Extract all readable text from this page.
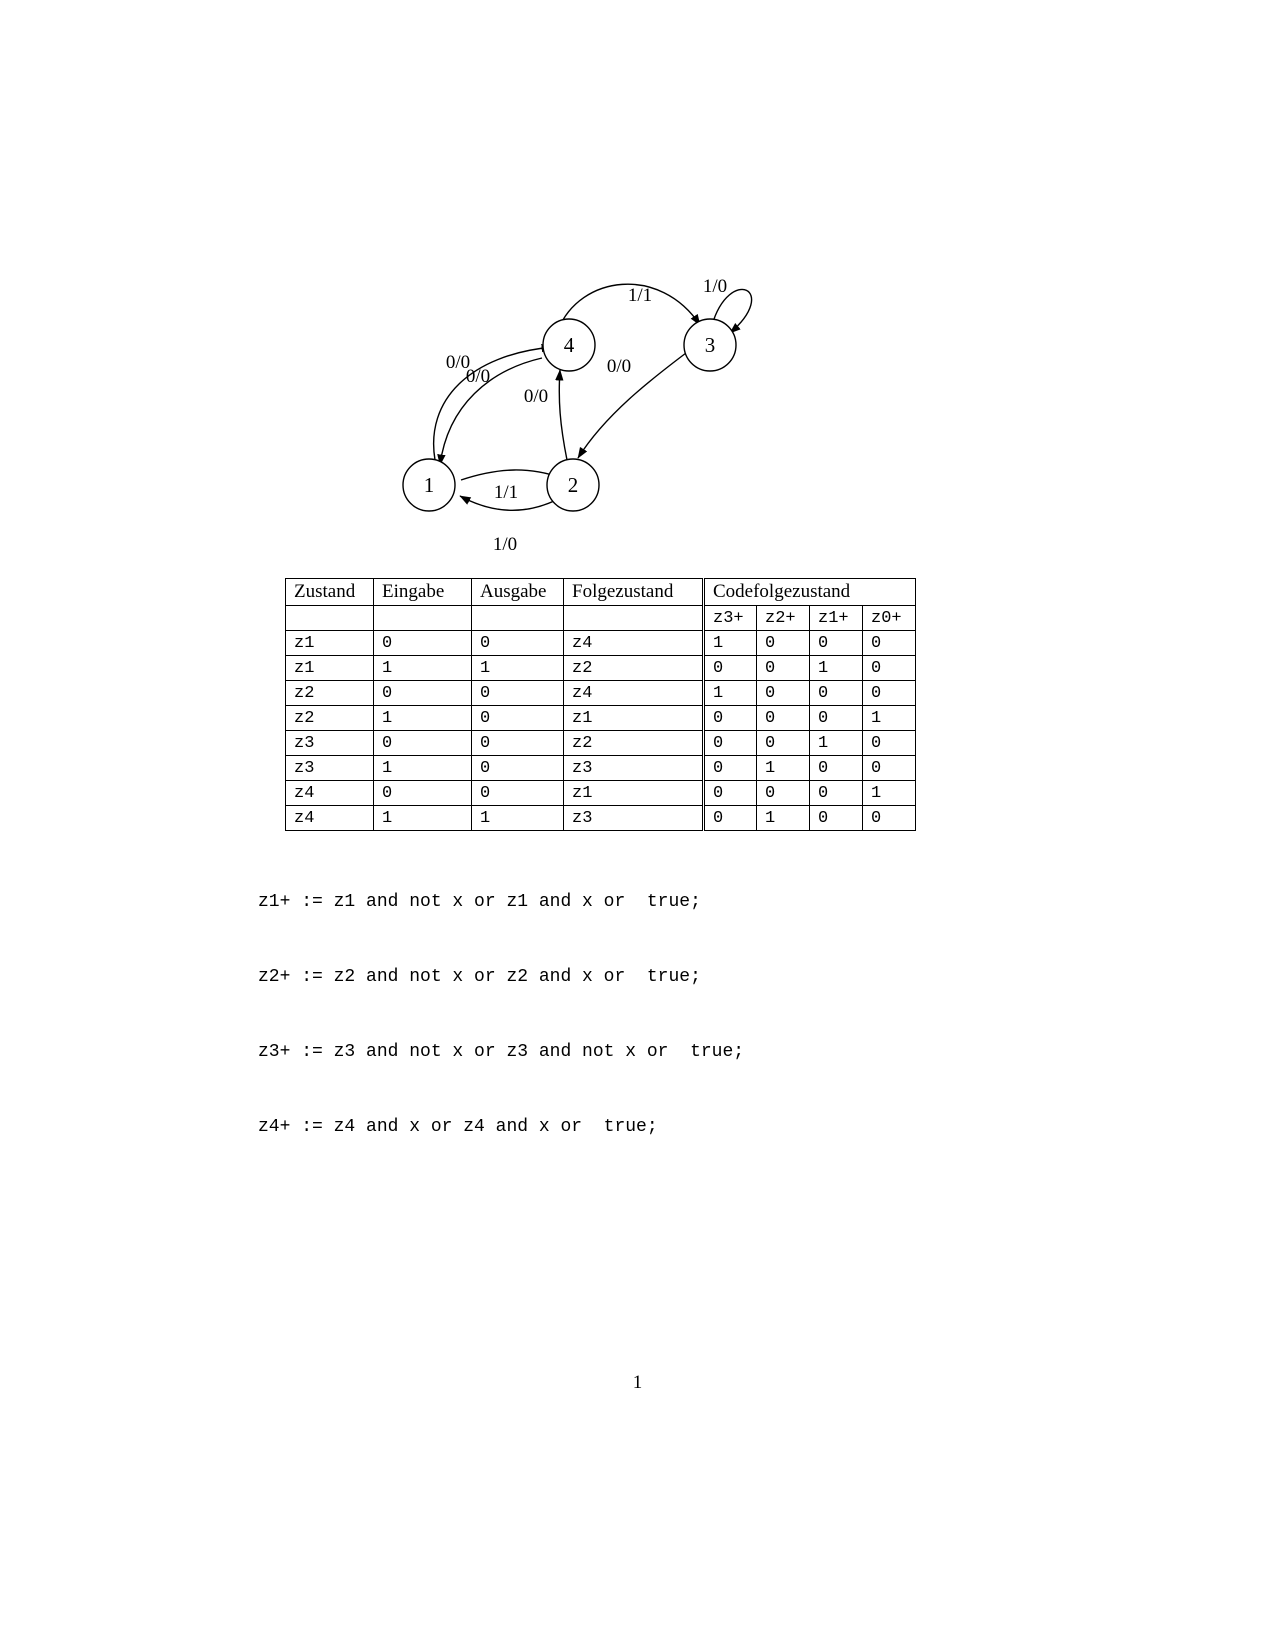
1	2
3
4
0/0
0/0
1/1
1/0
0/0
0/0
1/1	1/0
Zustand	Eingabe	Ausgabe	Folgezustand	Codefolgezustand			
				z3+	z2+	z1+	z0+
z1	0	0	z4	1	0	0	0
z1	1	1	z2	0	0	1	0
z2	0	0	z4	1	0	0	0
z2	1	0	z1	0	0	0	1
z3	0	0	z2	0	0	1	0
z3	1	0	z3	0	1	0	0
z4	0	0	z1	0	0	0	1
z4	1	1	z3	0	1	0	0

z1+ := z1 and not x or z1 and x or  true;

z2+ := z2 and not x or z2 and x or  true;

z3+ := z3 and not x or z3 and not x or  true;

z4+ := z4 and x or z4 and x or  true;

1
